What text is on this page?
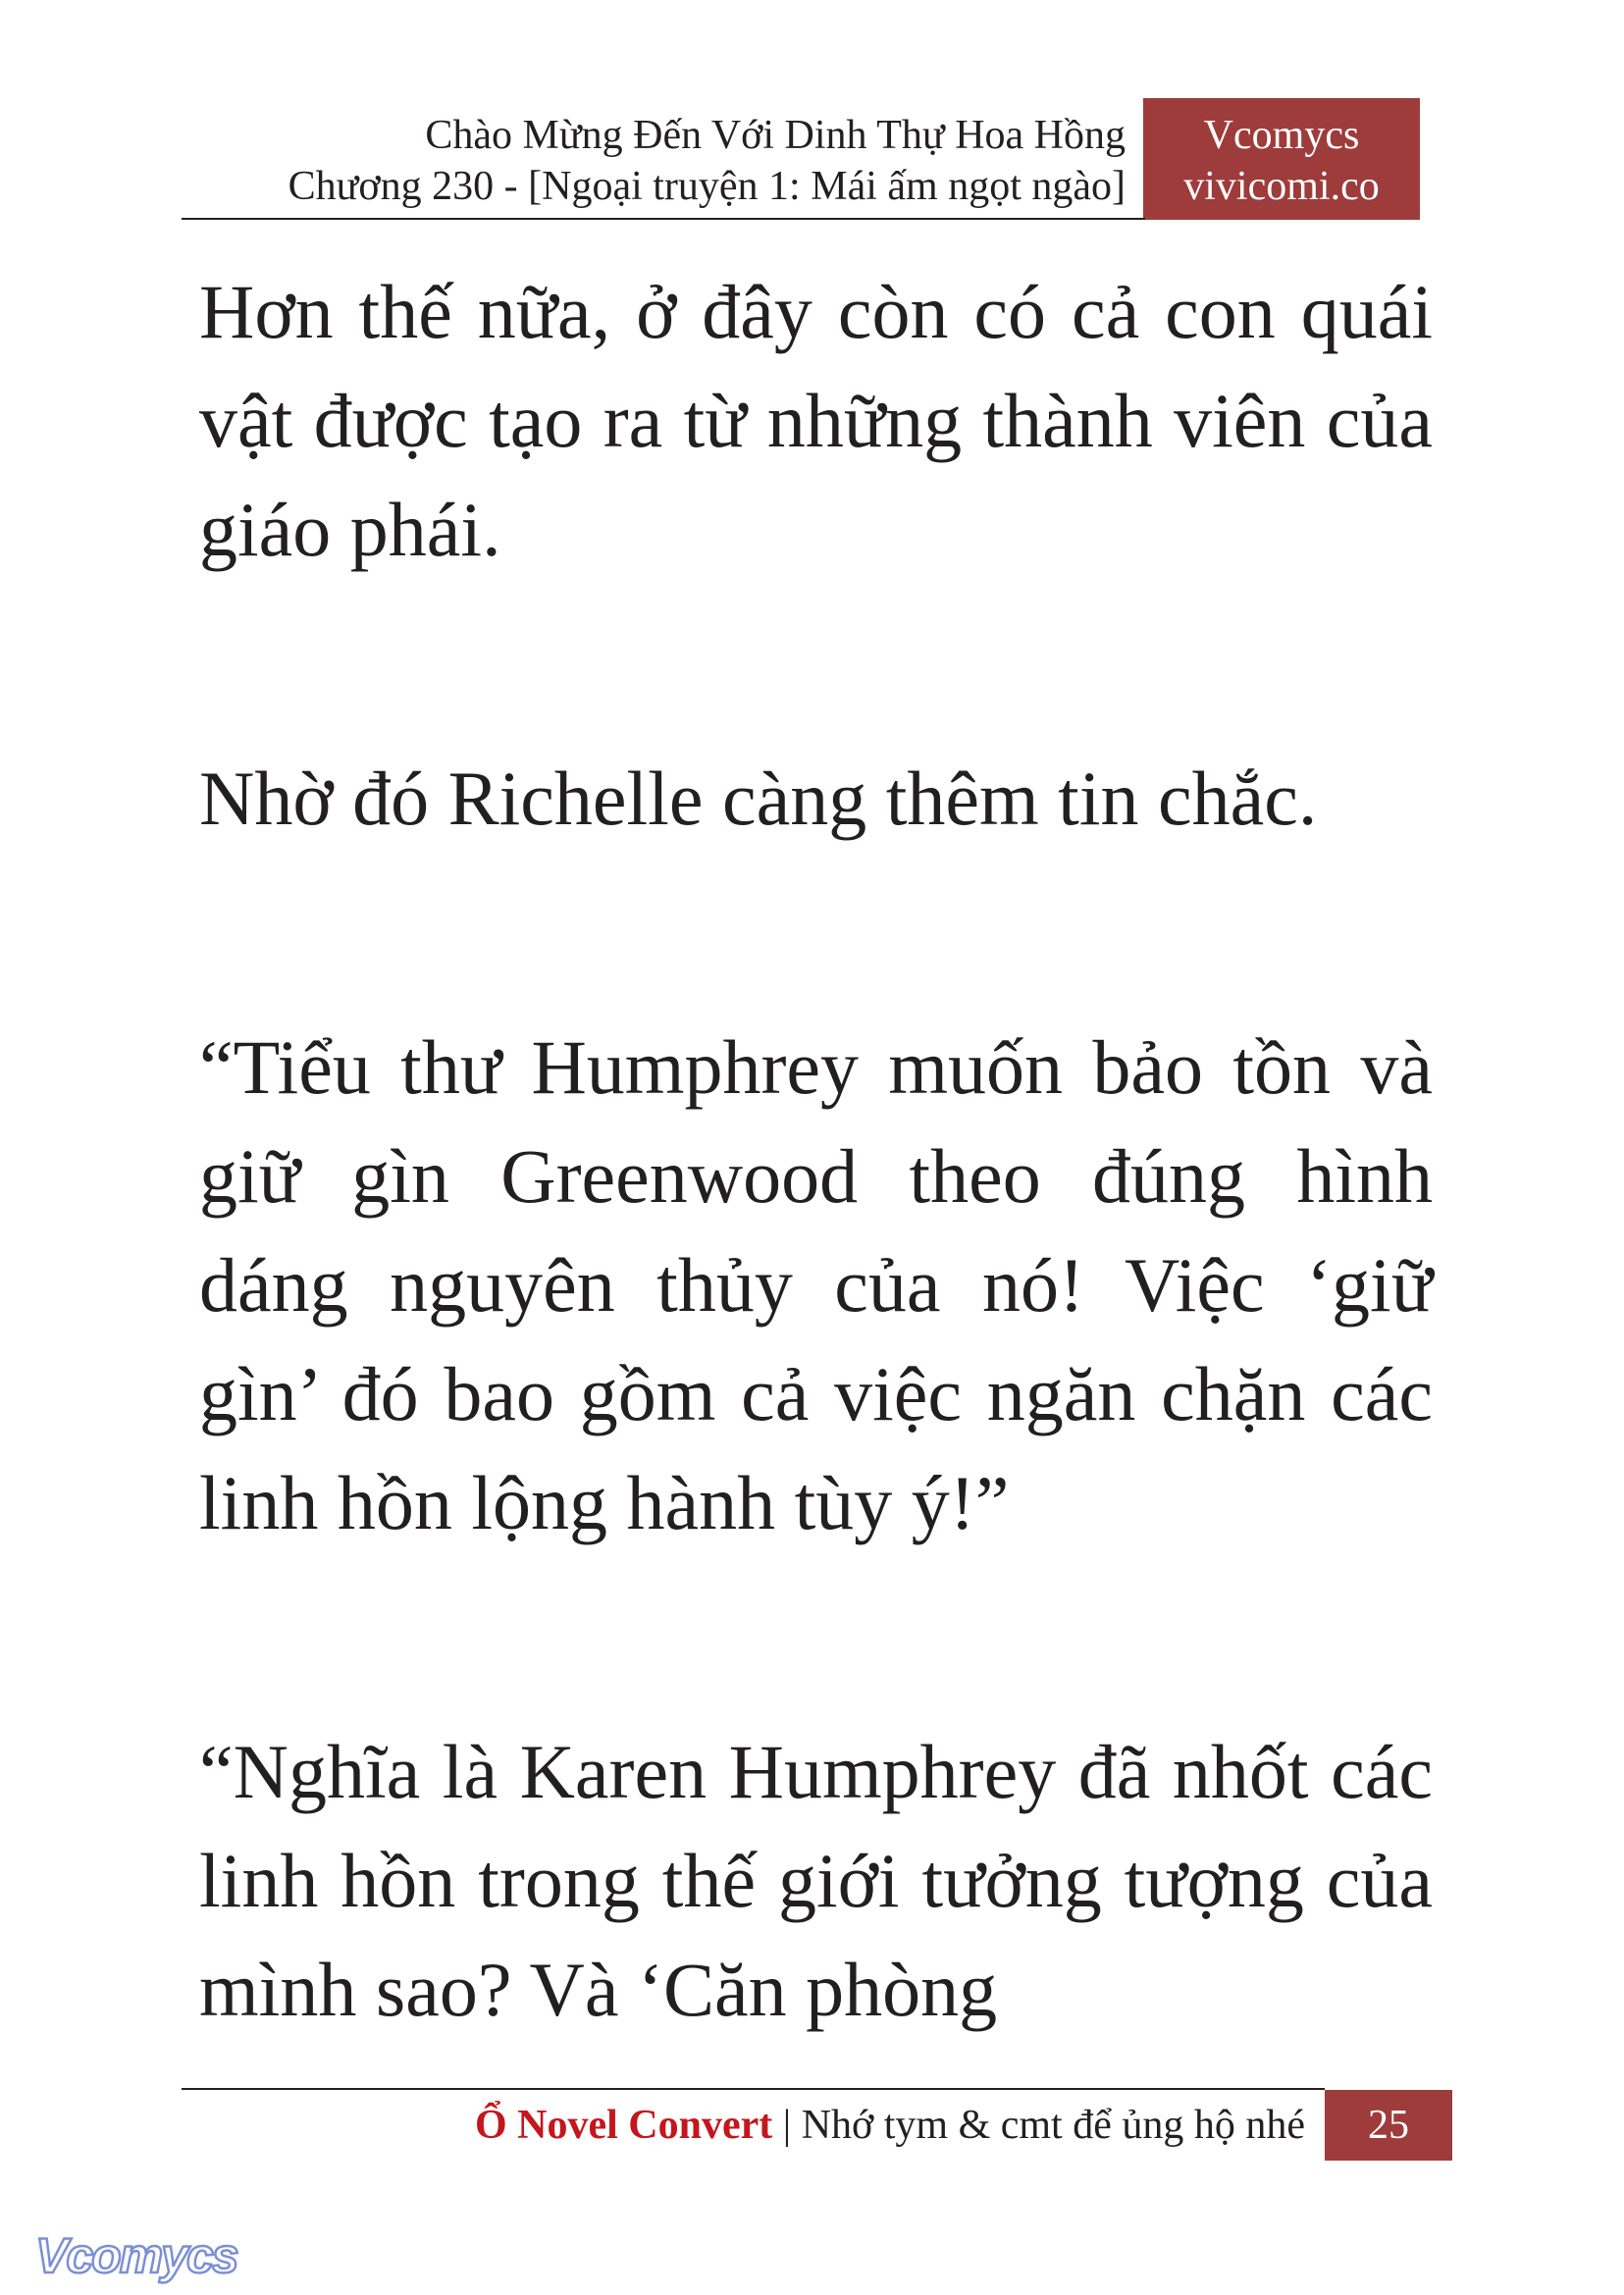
Chào Mừng Đến Với Dinh Thự Hoa Hồng
Chương 230 - [Ngoại truyện 1: Mái ấm ngọt ngào]
Vcomycs
vivicomi.co

Hơn thế nữa, ở đây còn có cả con quái vật được tạo ra từ những thành viên của giáo phái.

Nhờ đó Richelle càng thêm tin chắc.

“Tiểu thư Humphrey muốn bảo tồn và giữ gìn Greenwood theo đúng hình dáng nguyên thủy của nó! Việc ‘giữ gìn’ đó bao gồm cả việc ngăn chặn các linh hồn lộng hành tùy ý!”

“Nghĩa là Karen Humphrey đã nhốt các linh hồn trong thế giới tưởng tượng của mình sao? Và ‘Căn phòng

Ổ Novel Convert | Nhớ tym & cmt để ủng hộ nhé	25
Vcomycs
